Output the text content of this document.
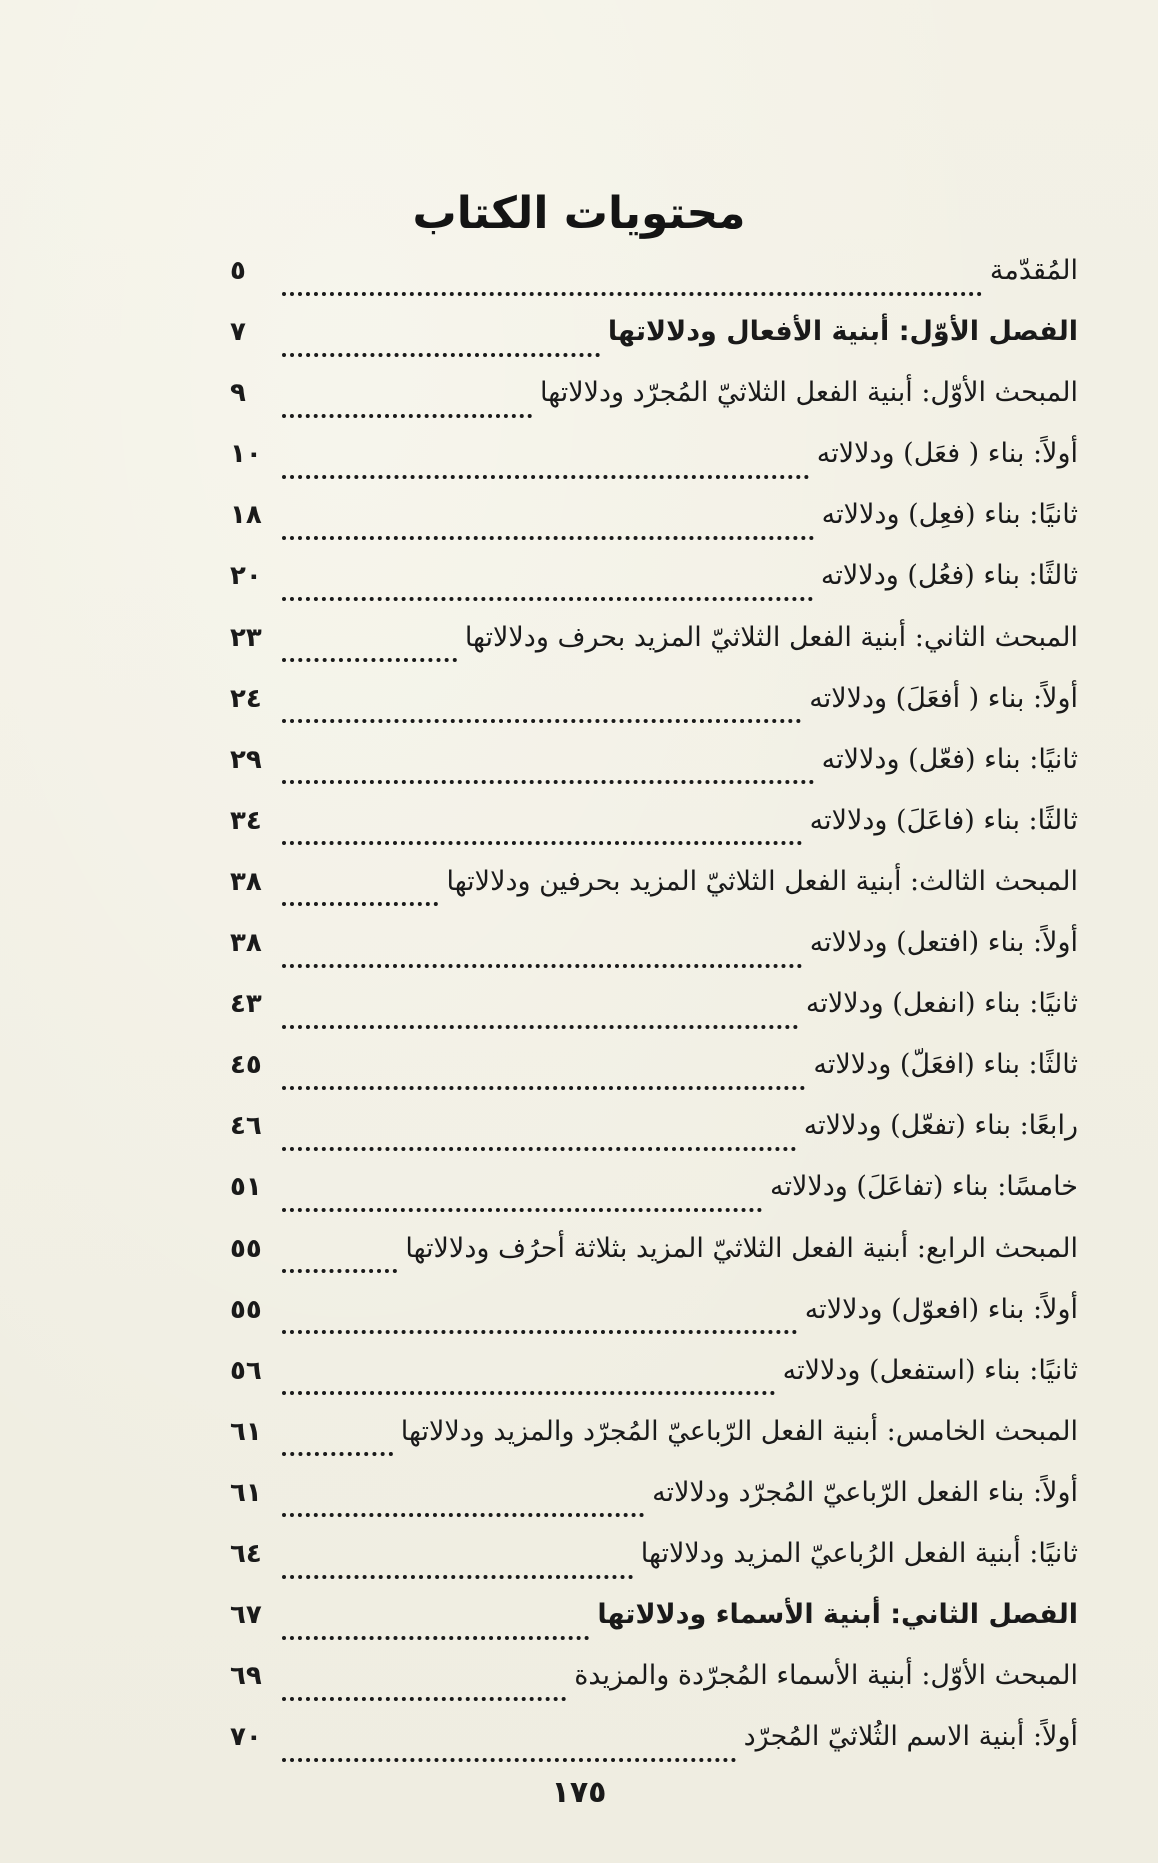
محتويات الكتاب
المُقدّمة
٥
الفصل الأوّل: أبنية الأفعال ودلالاتها
٧
المبحث الأوّل: أبنية الفعل الثلاثيّ المُجرّد ودلالاتها
٩
أولاً: بناء ( فعَل) ودلالاته
١٠
ثانيًا: بناء (فعِل) ودلالاته
١٨
ثالثًا: بناء (فعُل) ودلالاته
٢٠
المبحث الثاني: أبنية الفعل الثلاثيّ المزيد بحرف ودلالاتها
٢٣
أولاً: بناء ( أفعَلَ) ودلالاته
٢٤
ثانيًا: بناء (فعّل) ودلالاته
٢٩
ثالثًا: بناء (فاعَلَ) ودلالاته
٣٤
المبحث الثالث: أبنية الفعل الثلاثيّ المزيد بحرفين ودلالاتها
٣٨
أولاً: بناء (افتعل) ودلالاته
٣٨
ثانيًا: بناء (انفعل) ودلالاته
٤٣
ثالثًا: بناء (افعَلّ) ودلالاته
٤٥
رابعًا: بناء (تفعّل) ودلالاته
٤٦
خامسًا: بناء (تفاعَلَ) ودلالاته
٥١
المبحث الرابع: أبنية الفعل الثلاثيّ المزيد بثلاثة أحرُف ودلالاتها
٥٥
أولاً: بناء (افعوّل) ودلالاته
٥٥
ثانيًا: بناء (استفعل) ودلالاته
٥٦
المبحث الخامس: أبنية الفعل الرّباعيّ المُجرّد والمزيد ودلالاتها
٦١
أولاً: بناء الفعل الرّباعيّ المُجرّد ودلالاته
٦١
ثانيًا: أبنية الفعل الرُباعيّ المزيد ودلالاتها
٦٤
الفصل الثاني: أبنية الأسماء ودلالاتها
٦٧
المبحث الأوّل: أبنية الأسماء المُجرّدة والمزيدة
٦٩
أولاً: أبنية الاسم الثُلاثيّ المُجرّد
٧٠
١٧٥
